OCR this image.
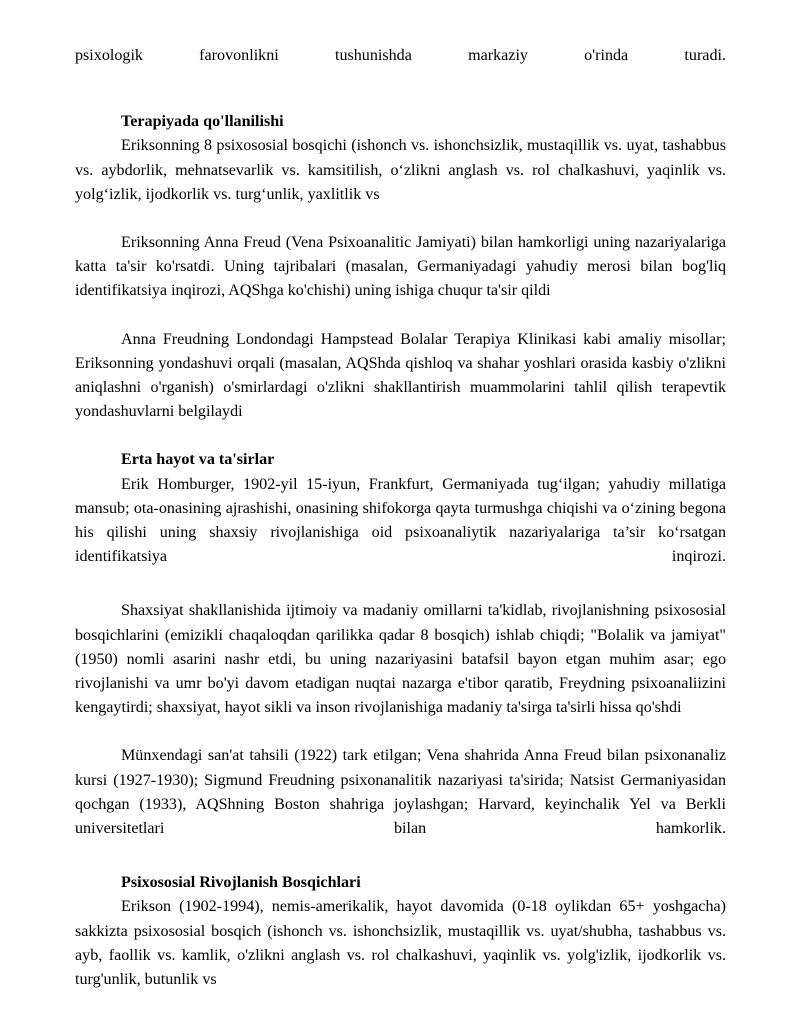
psixologik farovonlikni tushunishda markaziy o'rinda turadi.

Terapiyada qo'llanilishi

Eriksonning 8 psixososial bosqichi (ishonch vs. ishonchsizlik, mustaqillik vs. uyat, tashabbus vs. aybdorlik, mehnatsevarlik vs. kamsitilish, o‘zlikni anglash vs. rol chalkashuvi, yaqinlik vs. yolg‘izlik, ijodkorlik vs. turg‘unlik, yaxlitlik vs

Eriksonning Anna Freud (Vena Psixoanalitic Jamiyati) bilan hamkorligi uning nazariyalariga katta ta'sir ko'rsatdi. Uning tajribalari (masalan, Germaniyadagi yahudiy merosi bilan bog'liq identifikatsiya inqirozi, AQShga ko'chishi) uning ishiga chuqur ta'sir qildi

Anna Freudning Londondagi Hampstead Bolalar Terapiya Klinikasi kabi amaliy misollar; Eriksonning yondashuvi orqali (masalan, AQShda qishloq va shahar yoshlari orasida kasbiy o'zlikni aniqlashni o'rganish) o'smirlardagi o'zlikni shakllantirish muammolarini tahlil qilish terapevtik yondashuvlarni belgilaydi

Erta hayot va ta'sirlar

Erik Homburger, 1902-yil 15-iyun, Frankfurt, Germaniyada tug‘ilgan; yahudiy millatiga mansub; ota-onasining ajrashishi, onasining shifokorga qayta turmushga chiqishi va o‘zining begona his qilishi uning shaxsiy rivojlanishiga oid psixoanaliytik nazariyalariga ta’sir ko‘rsatgan identifikatsiya inqirozi.

Shaxsiyat shakllanishida ijtimoiy va madaniy omillarni ta'kidlab, rivojlanishning psixososial bosqichlarini (emizikli chaqaloqdan qarilikka qadar 8 bosqich) ishlab chiqdi; "Bolalik va jamiyat" (1950) nomli asarini nashr etdi, bu uning nazariyasini batafsil bayon etgan muhim asar; ego rivojlanishi va umr bo'yi davom etadigan nuqtai nazarga e'tibor qaratib, Freydning psixoanaliizini kengaytirdi; shaxsiyat, hayot sikli va inson rivojlanishiga madaniy ta'sirga ta'sirli hissa qo'shdi

Münxendagi san'at tahsili (1922) tark etilgan; Vena shahrida Anna Freud bilan psixonanaliz kursi (1927-1930); Sigmund Freudning psixonanalitik nazariyasi ta'sirida; Natsist Germaniyasidan qochgan (1933), AQShning Boston shahriga joylashgan; Harvard, keyinchalik Yel va Berkli universitetlari bilan hamkorlik.

Psixososial Rivojlanish Bosqichlari

Erikson (1902-1994), nemis-amerikalik, hayot davomida (0-18 oylikdan 65+ yoshgacha) sakkizta psixososial bosqich (ishonch vs. ishonchsizlik, mustaqillik vs. uyat/shubha, tashabbus vs. ayb, faollik vs. kamlik, o'zlikni anglash vs. rol chalkashuvi, yaqinlik vs. yolg'izlik, ijodkorlik vs. turg'unlik, butunlik vs
